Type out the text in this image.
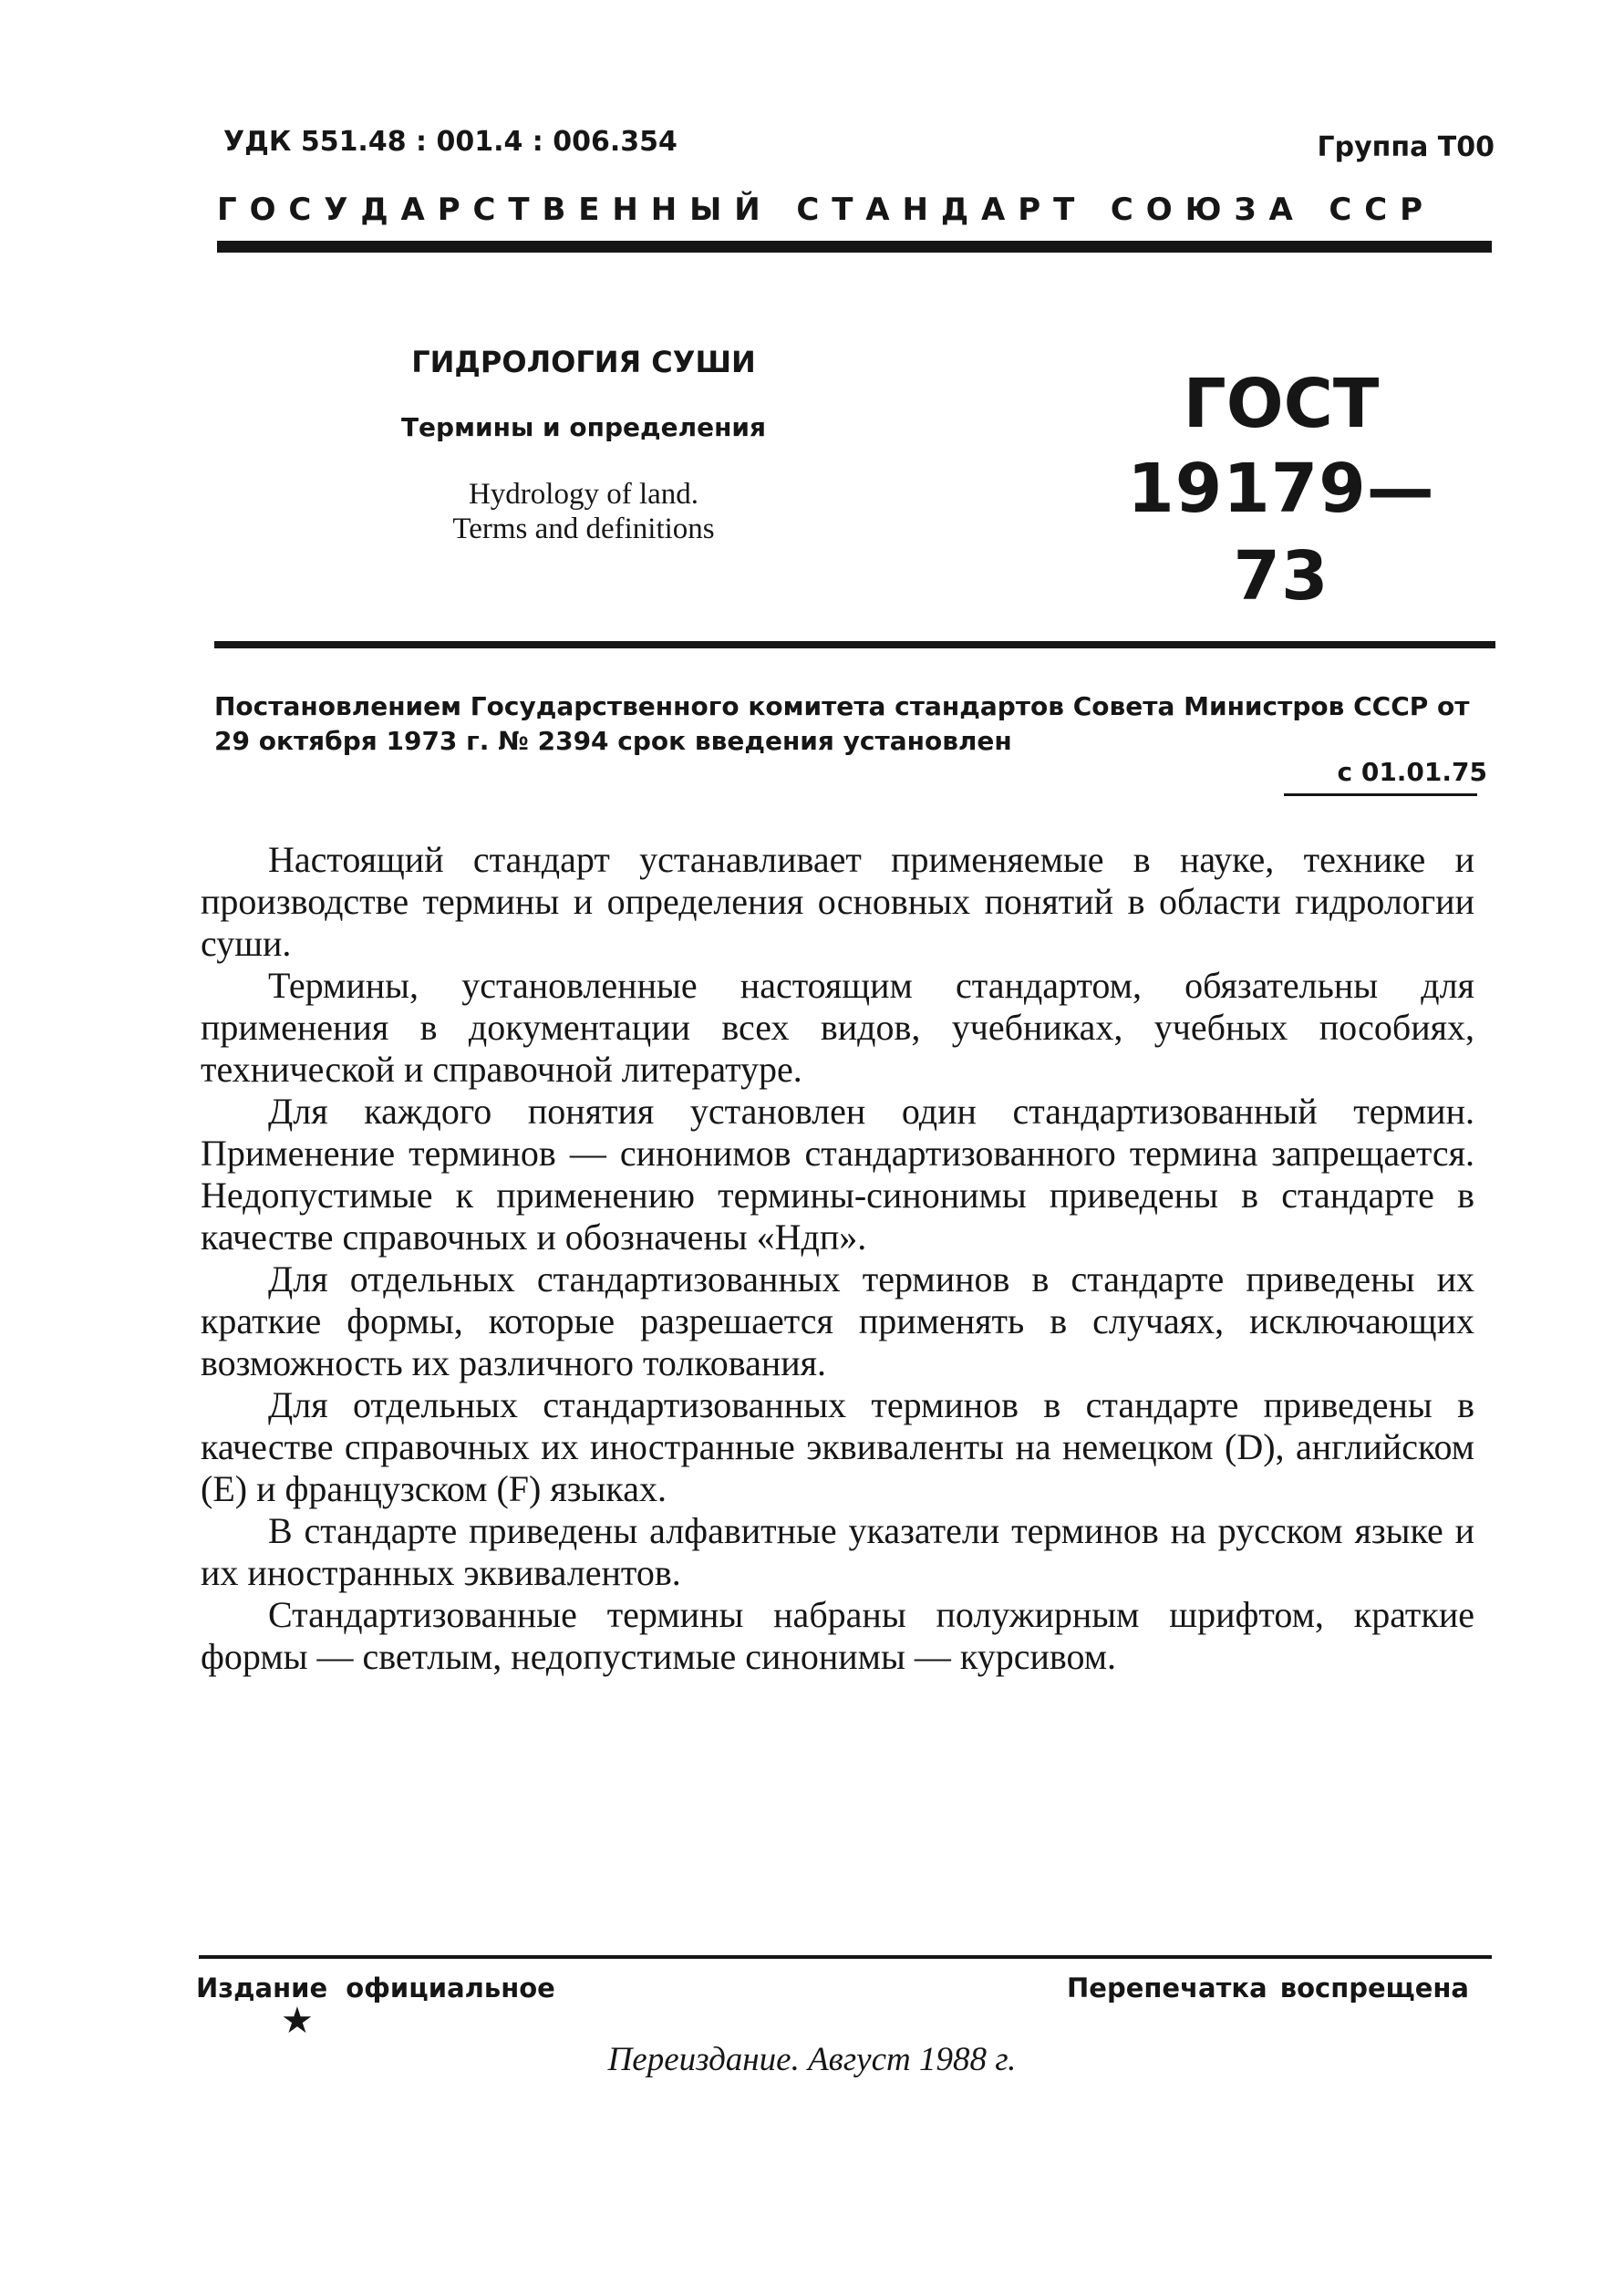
УДК 551.48 : 001.4 : 006.354	Группа Т00
ГОСУДАРСТВЕННЫЙ СТАНДАРТ СОЮЗА ССР

ГИДРОЛОГИЯ СУШИ

Термины и определения

Hydrology of land.
Terms and definitions

ГОСТ
19179—73
Постановлением Государственного комитета стандартов Совета Министров СССР от 29 октября 1973 г. № 2394 срок введения установлен
с 01.01.75

Настоящий стандарт устанавливает применяемые в науке, технике и производстве термины и определения основных понятий в области гидрологии суши.

Термины, установленные настоящим стандартом, обязательны для применения в документации всех видов, учебниках, учебных пособиях, технической и справочной литературе.

Для каждого понятия установлен один стандартизованный термин. Применение терминов — синонимов стандартизованного термина запрещается. Недопустимые к применению термины-синонимы приведены в стандарте в качестве справочных и обозначены «Ндп».

Для отдельных стандартизованных терминов в стандарте приведены их краткие формы, которые разрешается применять в случаях, исключающих возможность их различного толкования.

Для отдельных стандартизованных терминов в стандарте приведены в качестве справочных их иностранные эквиваленты на немецком (D), английском (E) и французском (F) языках.

В стандарте приведены алфавитные указатели терминов на русском языке и их иностранных эквивалентов.

Стандартизованные термины набраны полужирным шрифтом, краткие формы — светлым, недопустимые синонимы — курсивом.

Издание официальное
★
Перепечатка воспрещена
Переиздание. Август 1988 г.
